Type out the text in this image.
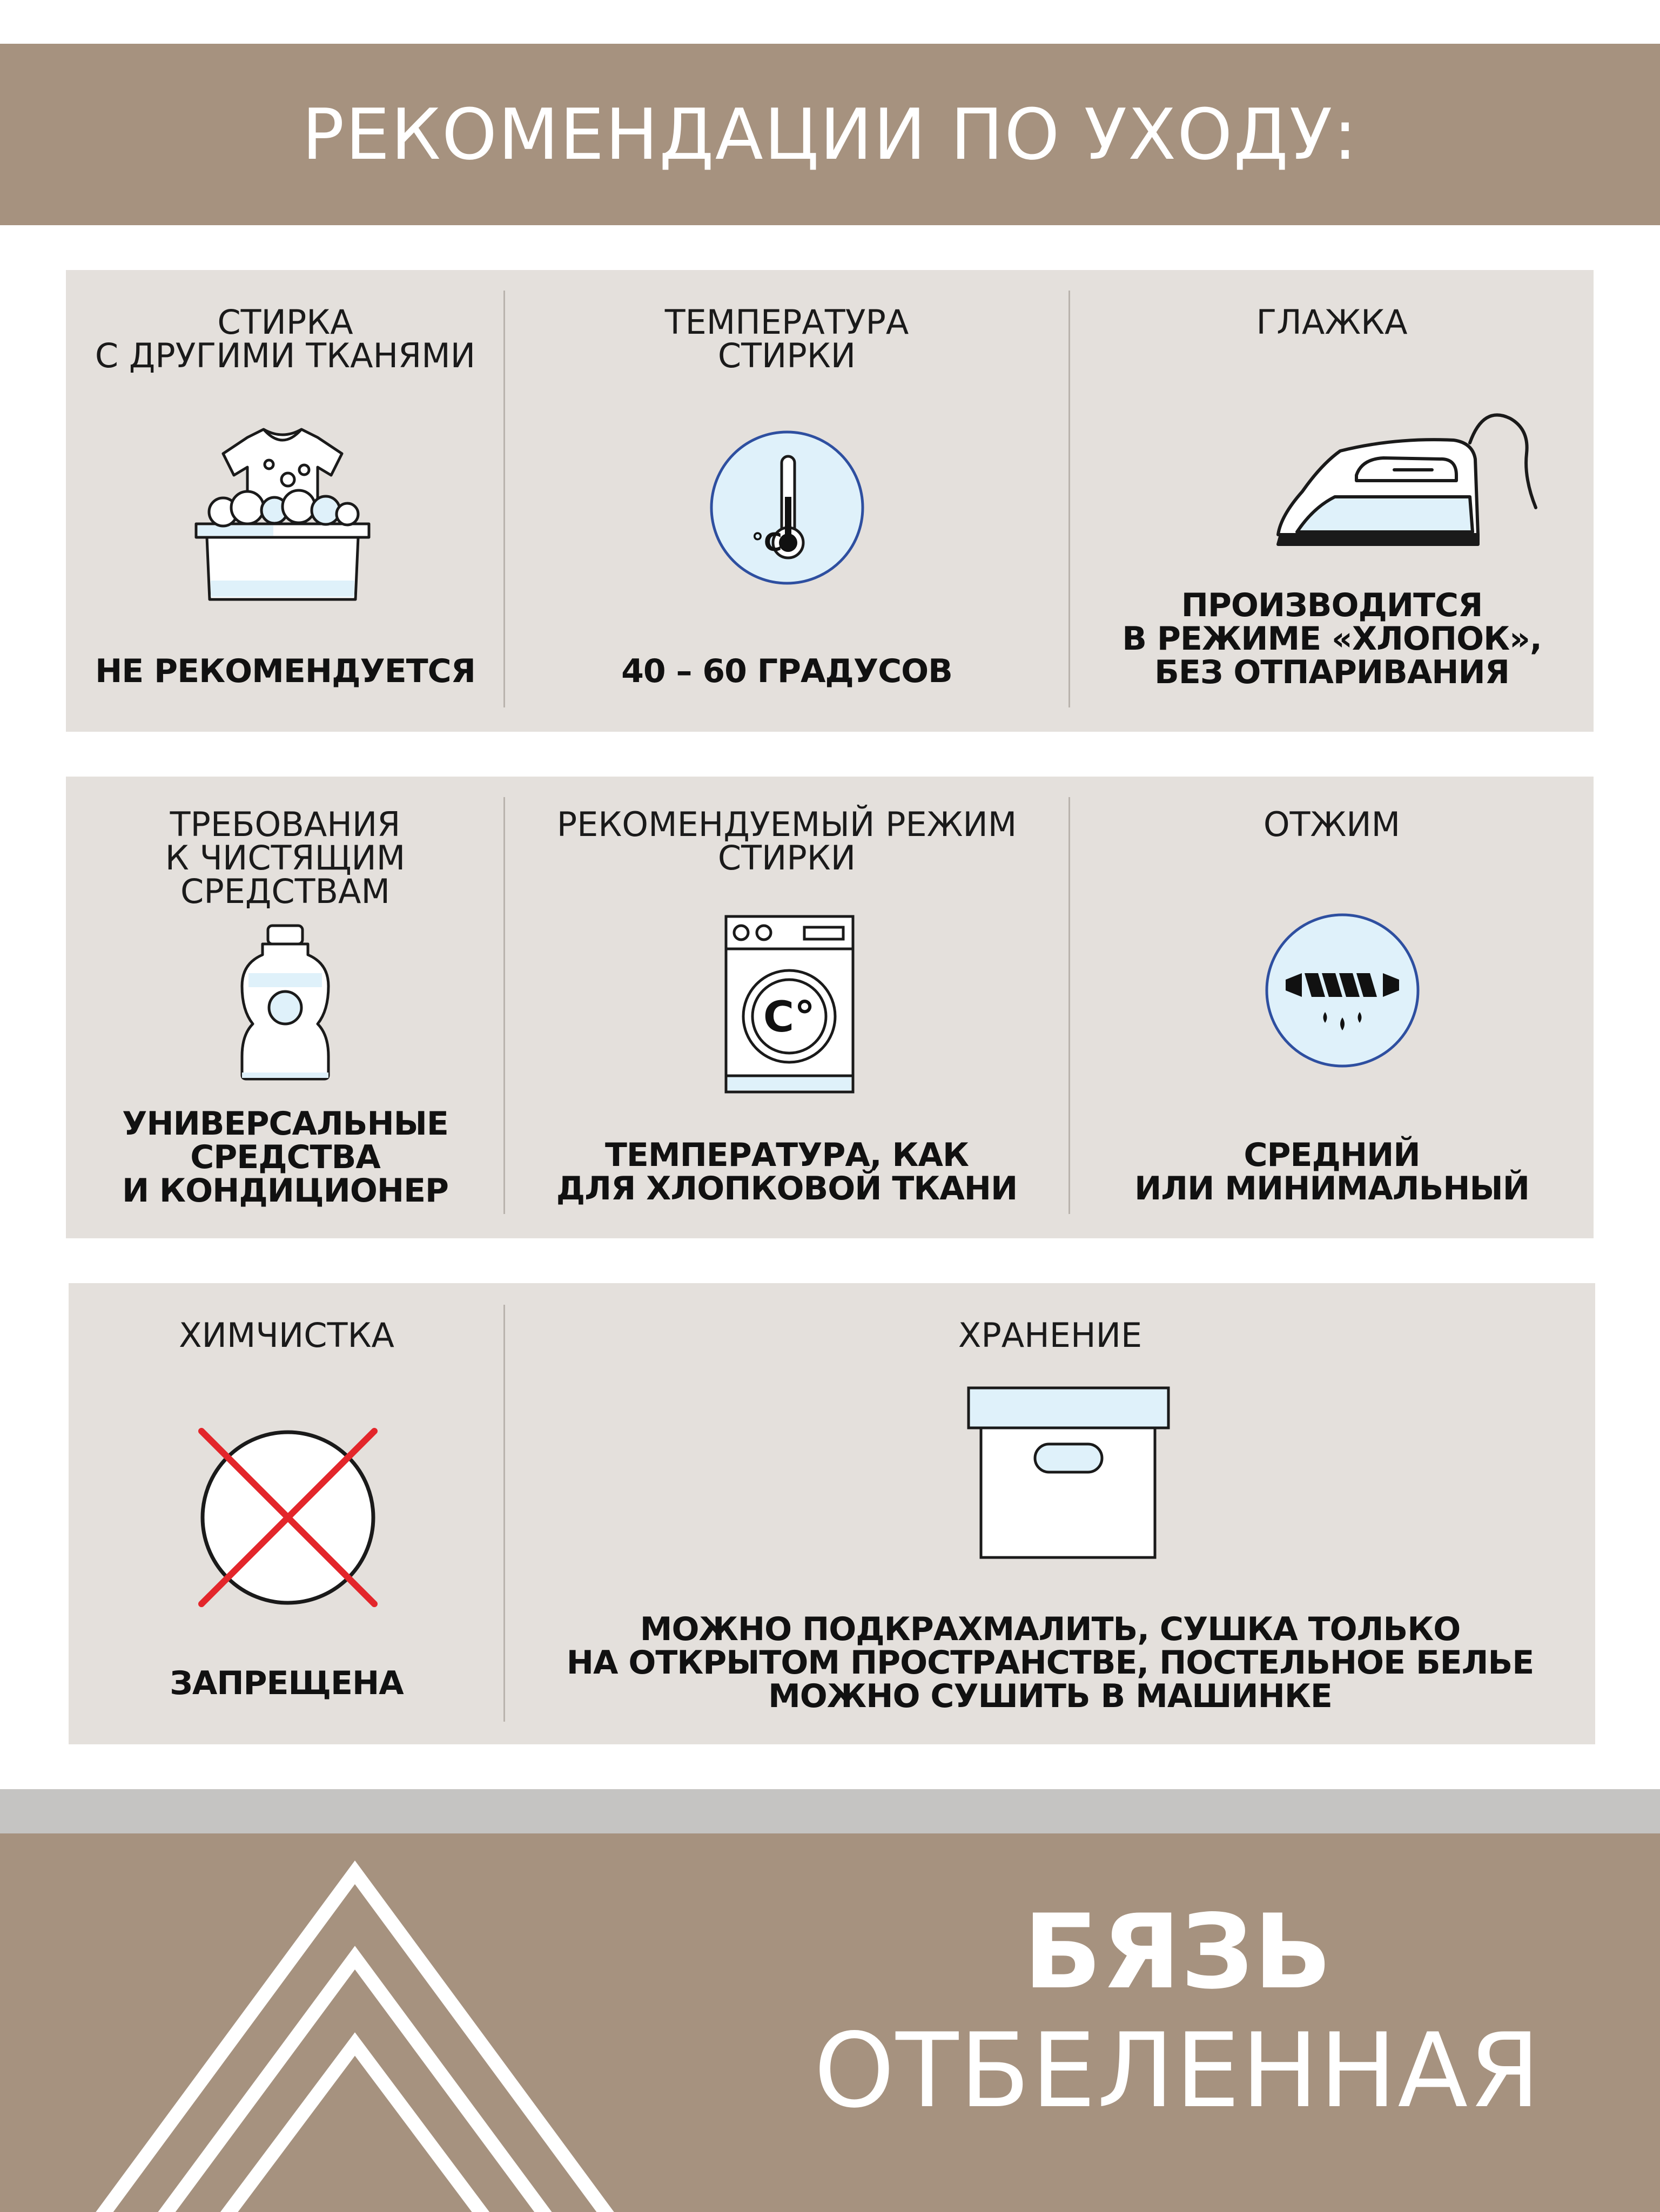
РЕКОМЕНДАЦИИ ПО УХОДУ:
СТИРКА
С ДРУГИМИ ТКАНЯМИ
НЕ РЕКОМЕНДУЕТСЯ
ТЕМПЕРАТУРА
СТИРКИ
°C
40 – 60 ГРАДУСОВ
ГЛАЖКА
ПРОИЗВОДИТСЯ
В РЕЖИМЕ «ХЛОПОК»,
БЕЗ ОТПАРИВАНИЯ
ТРЕБОВАНИЯ
К ЧИСТЯЩИМ
СРЕДСТВАМ
УНИВЕРСАЛЬНЫЕ
СРЕДСТВА
И КОНДИЦИОНЕР
РЕКОМЕНДУЕМЫЙ РЕЖИМ
СТИРКИ
C°
ТЕМПЕРАТУРА, КАК
ДЛЯ ХЛОПКОВОЙ ТКАНИ
ОТЖИМ
СРЕДНИЙ
ИЛИ МИНИМАЛЬНЫЙ
ХИМЧИСТКА
ЗАПРЕЩЕНА
ХРАНЕНИЕ
МОЖНО ПОДКРАХМАЛИТЬ, СУШКА ТОЛЬКО
НА ОТКРЫТОМ ПРОСТРАНСТВЕ, ПОСТЕЛЬНОЕ БЕЛЬЕ
МОЖНО СУШИТЬ В МАШИНКЕ
БЯЗЬ
ОТБЕЛЕННАЯ
